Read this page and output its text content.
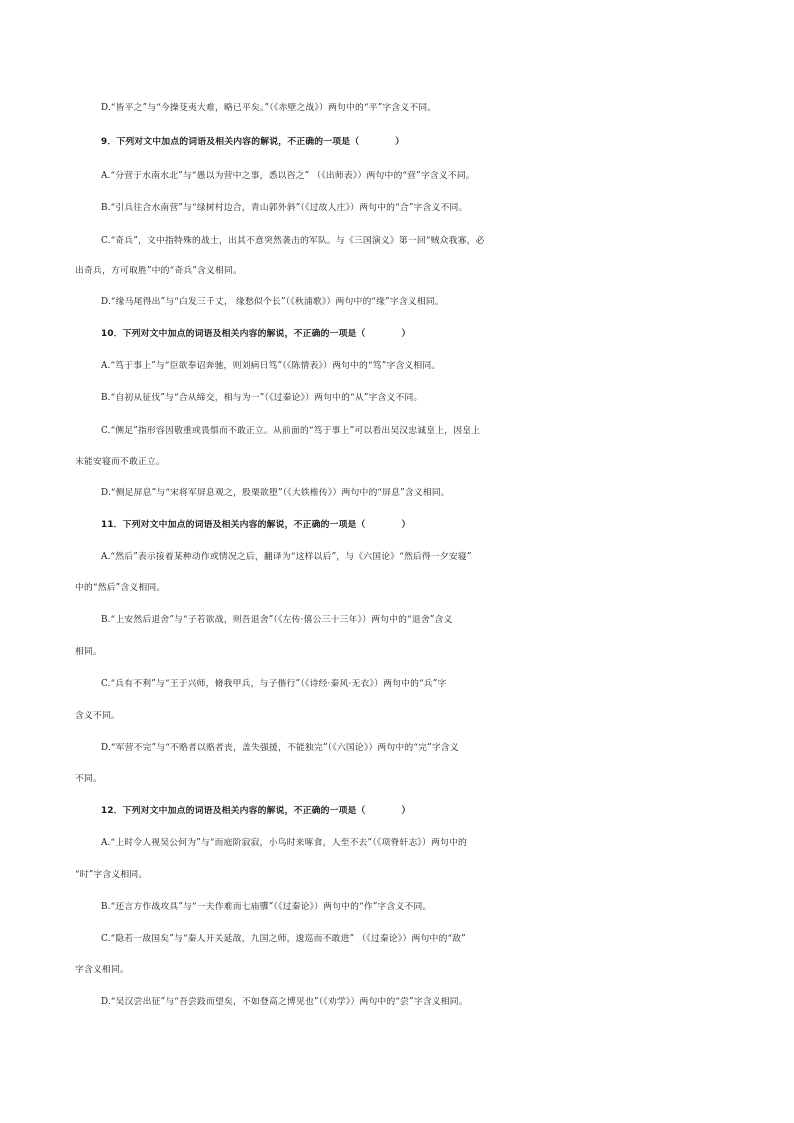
D.“皆平之”与“今操芟夷大难，略已平矣。”（《赤壁之战》）两句中的“平”字含义不同。
9．下列对文中加点的词语及相关内容的解说，不正确的一项是（　　　　）
A.“分营于水南水北”与“愚以为营中之事，悉以咨之” （《出师表》）两句中的“营”字含义不同。
B.“引兵往合水南营”与“绿树村边合，青山郭外斜”（《过故人庄》）两句中的“合”字含义不同。
C.“奇兵”，文中指特殊的战士，出其不意突然袭击的军队。与《三国演义》第一回“贼众我寡，必
出奇兵，方可取胜”中的“奇兵”含义相同。
D.“缘马尾得出”与“白发三千丈， 缘愁似个长”（《秋浦歌》）两句中的“缘”字含义相同。
10．下列对文中加点的词语及相关内容的解说，不正确的一项是（　　　　）
A.“笃于事上”与“臣欲奉诏奔驰，则刘病日笃”（《陈情表》）两句中的“笃”字含义相同。
B.“自初从征伐”与“合从缔交，相与为一”（《过秦论》）两句中的“从”字含义不同。
C.“侧足”指形容因敬重或畏惧而不敢正立。从前面的“笃于事上”可以看出吴汉忠诚皇上，因皇上
未能安寝而不敢正立。
D.“侧足屏息”与“宋将军屏息观之，股栗欲堕”（《大铁椎传》）两句中的“屏息”含义相同。
11．下列对文中加点的词语及相关内容的解说，不正确的一项是（　　　　）
A.“然后”表示接着某种动作或情况之后，翻译为“这样以后”，与《六国论》“然后得一夕安寝”
中的“然后”含义相同。
B.“上安然后退舍”与“子若欲战，则吾退舍”（《左传·僖公三十三年》）两句中的“退舍”含义
相同。
C.“兵有不利”与“王于兴师，脩我甲兵，与子偕行”（《诗经·秦风·无衣》）两句中的“兵”字
含义不同。
D.“军营不完”与“不赂者以赂者丧，盖失强援，不能独完”（《六国论》）两句中的“完”字含义
不同。
12．下列对文中加点的词语及相关内容的解说，不正确的一项是（　　　　）
A.“上时令人视吴公何为”与“而庭阶寂寂，小鸟时来啄食，人至不去”（《项脊轩志》）两句中的
“时”字含义相同。
B.“还言方作战攻具”与“一夫作难而七庙隳”（《过秦论》）两句中的“作”字含义不同。
C.“隐若一敌国矣”与“秦人开关延敌，九国之师，逡巡而不敢进” （《过秦论》）两句中的“敌”
字含义相同。
D.“吴汉尝出征”与“吾尝跂而望矣，不如登高之博见也”（《劝学》）两句中的“尝”字含义相同。
